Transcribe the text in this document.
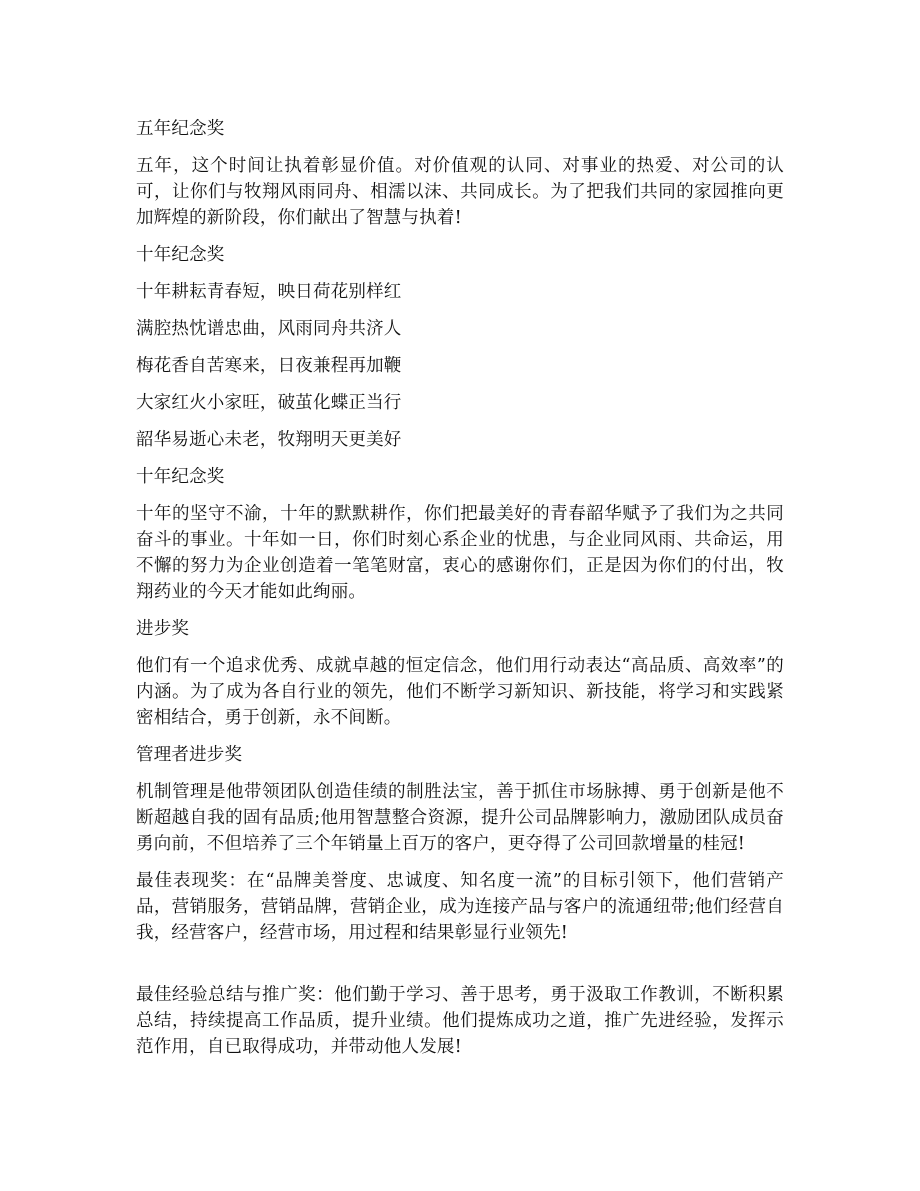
五年纪念奖

五年，这个时间让执着彰显价值。对价值观的认同、对事业的热爱、对公司的认可，让你们与牧翔风雨同舟、相濡以沫、共同成长。为了把我们共同的家园推向更加辉煌的新阶段，你们献出了智慧与执着!

十年纪念奖

十年耕耘青春短，映日荷花别样红

满腔热忱谱忠曲，风雨同舟共济人

梅花香自苦寒来，日夜兼程再加鞭

大家红火小家旺，破茧化蝶正当行

韶华易逝心未老，牧翔明天更美好

十年纪念奖

十年的坚守不渝，十年的默默耕作，你们把最美好的青春韶华赋予了我们为之共同奋斗的事业。十年如一日，你们时刻心系企业的忧患，与企业同风雨、共命运，用不懈的努力为企业创造着一笔笔财富，衷心的感谢你们，正是因为你们的付出，牧翔药业的今天才能如此绚丽。

进步奖

他们有一个追求优秀、成就卓越的恒定信念，他们用行动表达“高品质、高效率”的内涵。为了成为各自行业的领先，他们不断学习新知识、新技能，将学习和实践紧密相结合，勇于创新，永不间断。

管理者进步奖

机制管理是他带领团队创造佳绩的制胜法宝，善于抓住市场脉搏、勇于创新是他不断超越自我的固有品质;他用智慧整合资源，提升公司品牌影响力，激励团队成员奋勇向前，不但培养了三个年销量上百万的客户，更夺得了公司回款增量的桂冠!

最佳表现奖：在“品牌美誉度、忠诚度、知名度一流”的目标引领下，他们营销产品，营销服务，营销品牌，营销企业，成为连接产品与客户的流通纽带;他们经营自我，经营客户，经营市场，用过程和结果彰显行业领先!

最佳经验总结与推广奖：他们勤于学习、善于思考，勇于汲取工作教训，不断积累总结，持续提高工作品质，提升业绩。他们提炼成功之道，推广先进经验，发挥示范作用，自已取得成功，并带动他人发展!
